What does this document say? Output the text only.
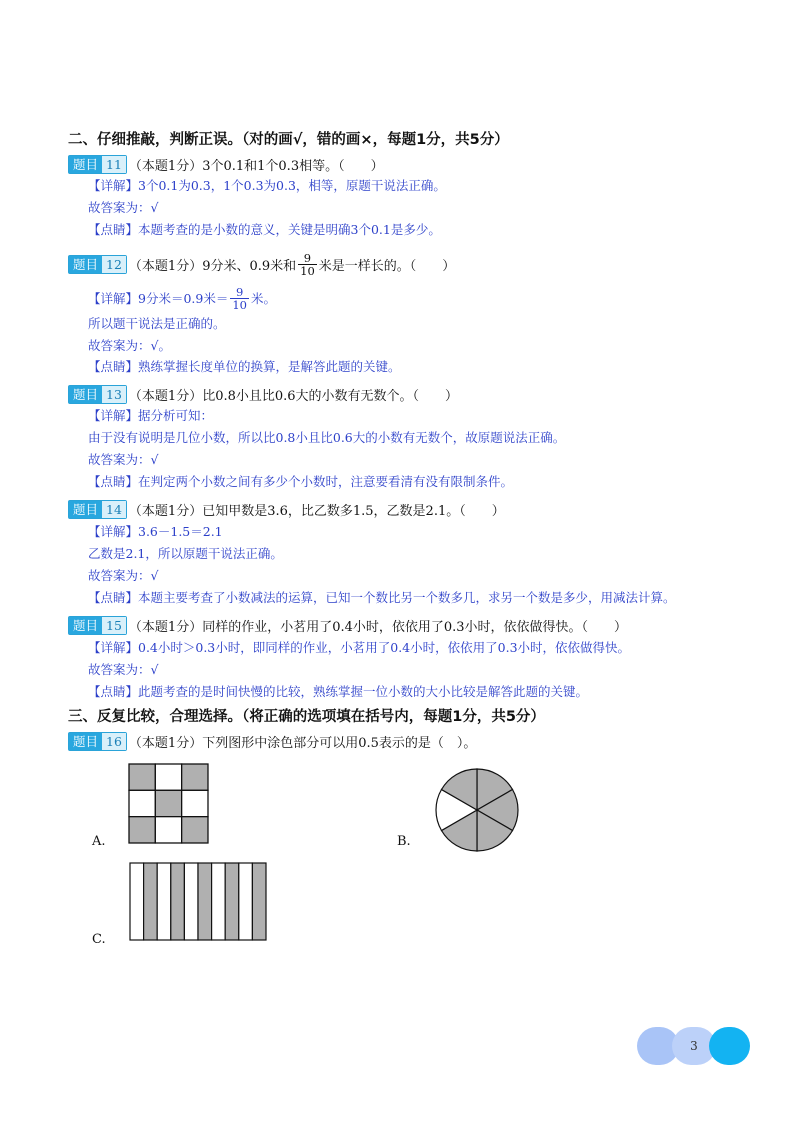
二、仔细推敲，判断正误。（对的画√，错的画×，每题1分，共5分）
题目 11 （本题1分）3个0.1和1个0.3相等。（　　）
【详解】3个0.1为0.3，1个0.3为0.3，相等，原题干说法正确。
故答案为：√
【点睛】本题考查的是小数的意义，关键是明确3个0.1是多少。
题目 12 （本题1分）9分米、0.9米和 $\frac{9}{10}$ 米是一样长的。（　　）
【详解】9分米＝0.9米＝ $\frac{9}{10}$ 米。
所以题干说法是正确的。
故答案为：√。
【点睛】熟练掌握长度单位的换算，是解答此题的关键。
题目 13 （本题1分）比0.8小且比0.6大的小数有无数个。（　　）
【详解】据分析可知：
由于没有说明是几位小数，所以比0.8小且比0.6大的小数有无数个，故原题说法正确。
故答案为：√
【点睛】在判定两个小数之间有多少个小数时，注意要看清有没有限制条件。
题目 14 （本题1分）已知甲数是3.6，比乙数多1.5，乙数是2.1。（　　）
【详解】3.6－1.5＝2.1
乙数是2.1，所以原题干说法正确。
故答案为：√
【点睛】本题主要考查了小数减法的运算，已知一个数比另一个数多几，求另一个数是多少，用减法计算。
题目 15 （本题1分）同样的作业，小茗用了0.4小时，依依用了0.3小时，依依做得快。（　　）
【详解】0.4小时＞0.3小时，即同样的作业，小茗用了0.4小时，依依用了0.3小时，依依做得快。
故答案为：√
【点睛】此题考查的是时间快慢的比较，熟练掌握一位小数的大小比较是解答此题的关键。
三、反复比较，合理选择。（将正确的选项填在括号内，每题1分，共5分）
题目 16 （本题1分）下列图形中涂色部分可以用0.5表示的是（　）。
A.	B.
C.
3
